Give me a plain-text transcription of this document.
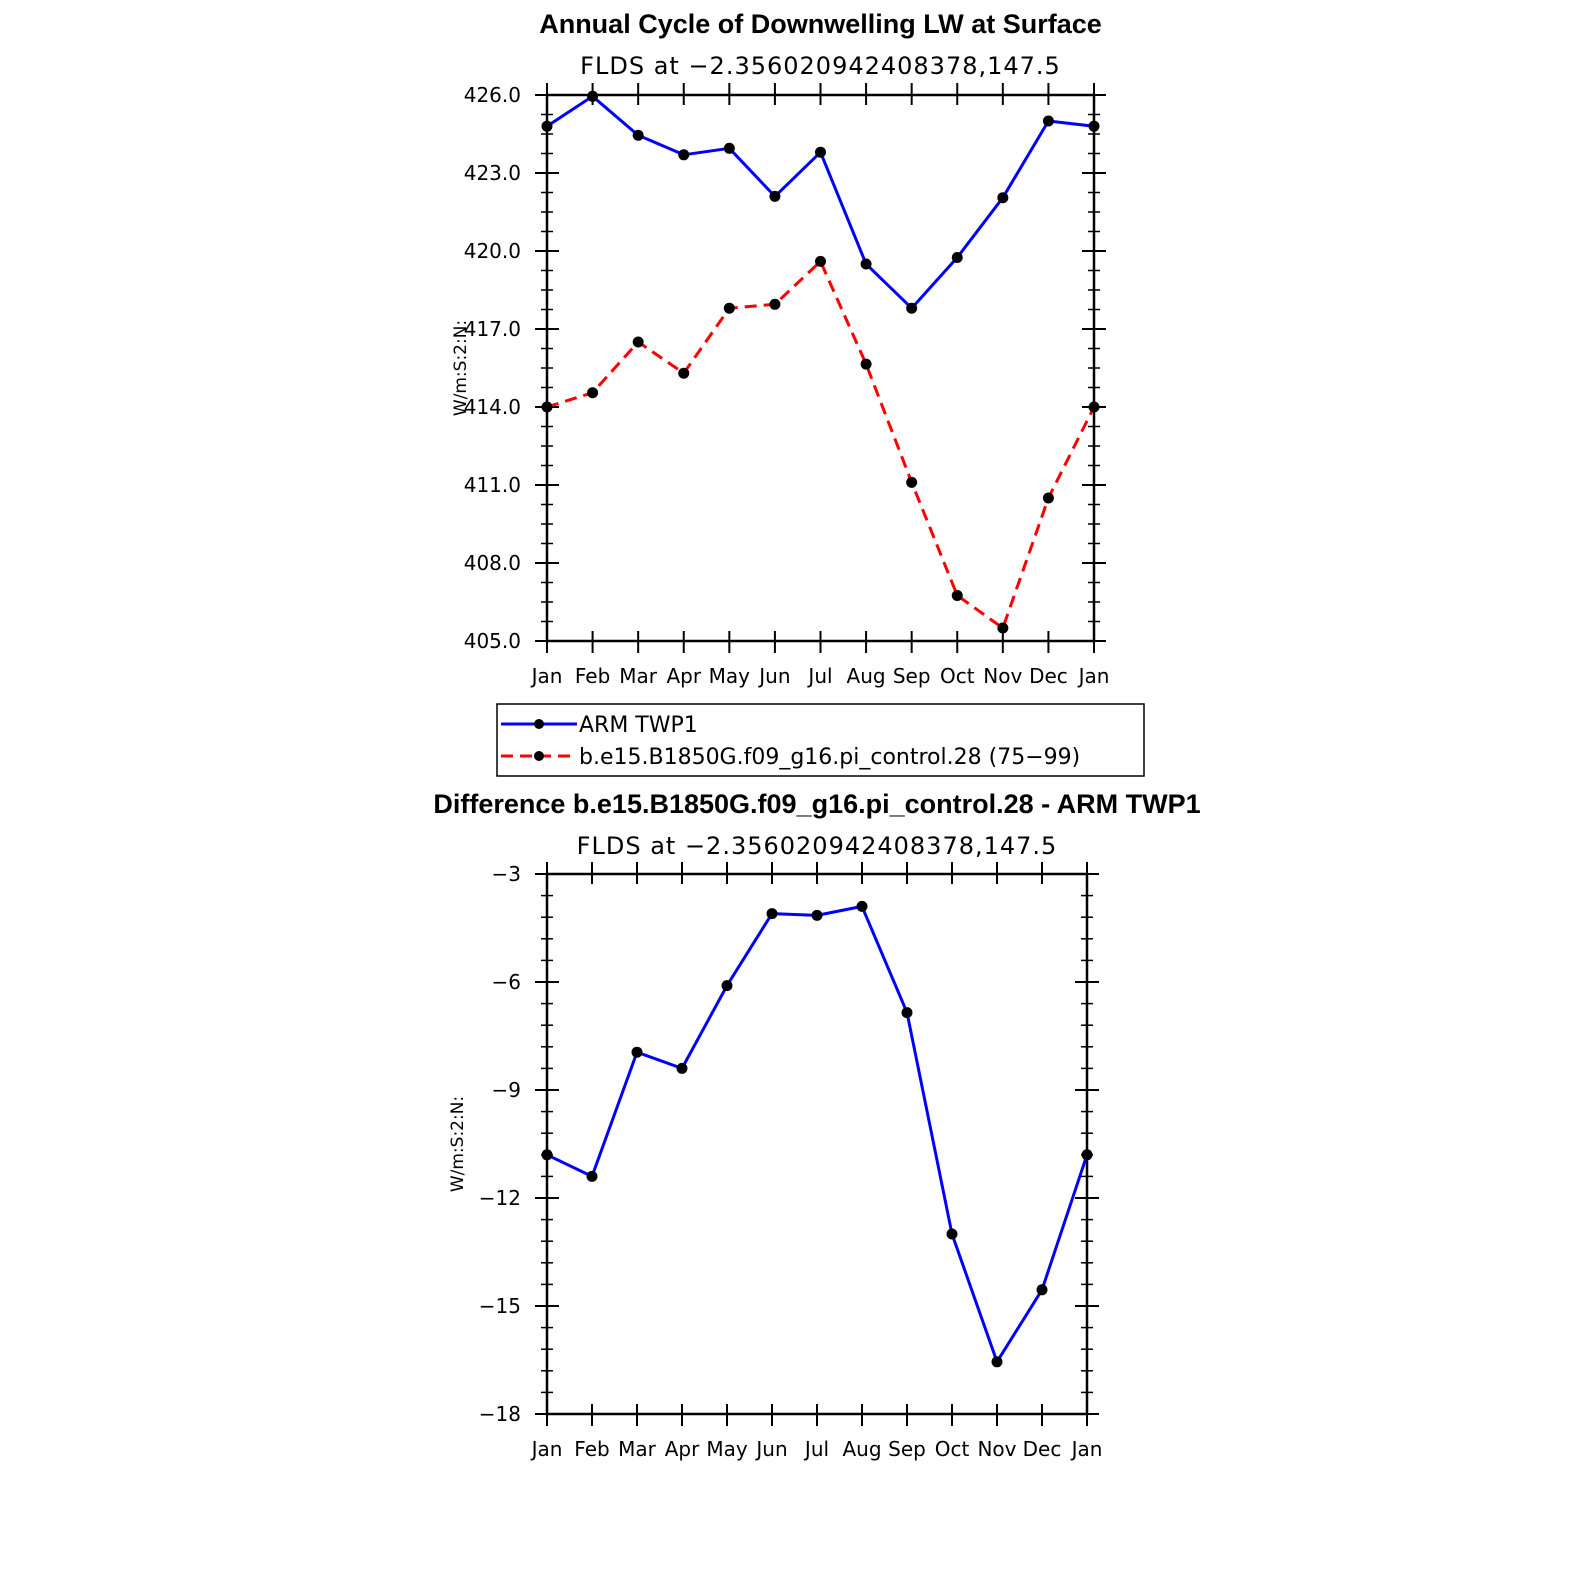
Annual Cycle of Downwelling LW at Surface
FLDS at −2.356020942408378,147.5
W/m:S:2:N:
405.0
408.0
411.0
414.0
417.0
420.0
423.0
426.0
Jan Feb Mar Apr May Jun Jul Aug Sep Oct Nov Dec Jan
ARM TWP1
b.e15.B1850G.f09_g16.pi_control.28 (75−99)
Difference b.e15.B1850G.f09_g16.pi_control.28 - ARM TWP1
FLDS at −2.356020942408378,147.5
W/m:S:2:N:
−18
−15
−12
−9
−6
−3
Jan Feb Mar Apr May Jun Jul Aug Sep Oct Nov Dec Jan
